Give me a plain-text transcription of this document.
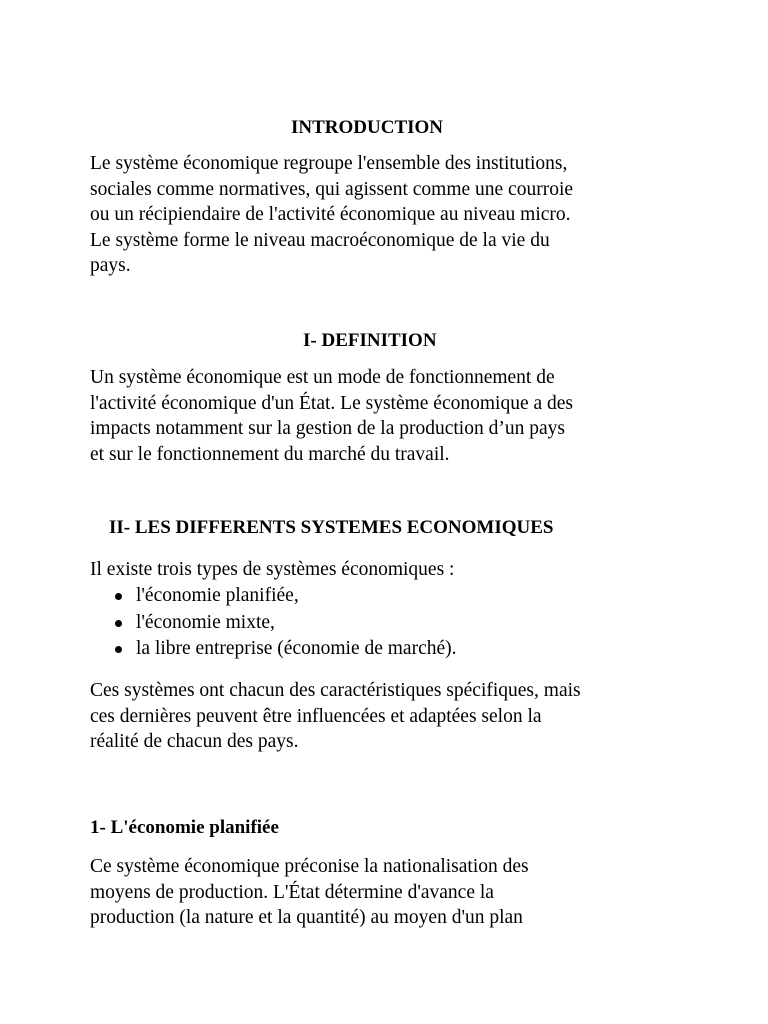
INTRODUCTION

Le système économique regroupe l'ensemble des institutions,
sociales comme normatives, qui agissent comme une courroie
ou un récipiendaire de l'activité économique au niveau micro.
Le système forme le niveau macroéconomique de la vie du
pays.

I- DEFINITION

Un système économique est un mode de fonctionnement de
l'activité économique d'un État. Le système économique a des
impacts notamment sur la gestion de la production d’un pays
et sur le fonctionnement du marché du travail.

II- LES DIFFERENTS SYSTEMES ECONOMIQUES
Il existe trois types de systèmes économiques :
l'économie planifiée,
l'économie mixte,
la libre entreprise (économie de marché).

Ces systèmes ont chacun des caractéristiques spécifiques, mais
ces dernières peuvent être influencées et adaptées selon la
réalité de chacun des pays.

1- L'économie planifiée

Ce système économique préconise la nationalisation des
moyens de production. L'État détermine d'avance la
production (la nature et la quantité) au moyen d'un plan
